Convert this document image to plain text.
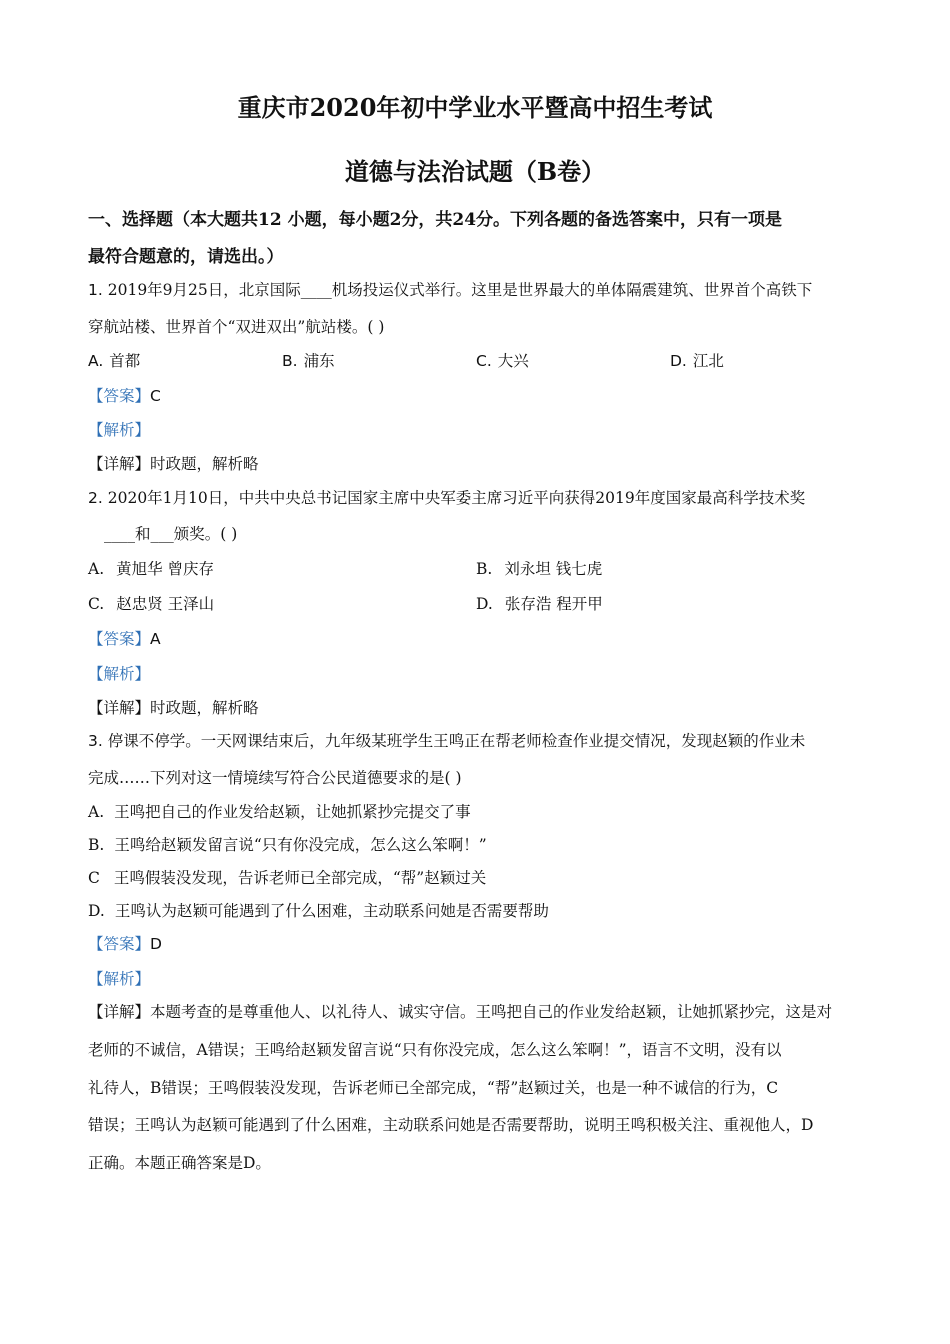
重庆市2020年初中学业水平暨高中招生考试
道德与法治试题（B卷）
一、选择题（本大题共12 小题，每小题2分，共24分。下列各题的备选答案中，只有一项是
最符合题意的，请选出。）
1. 2019年9月25日，北京国际____机场投运仪式举行。这里是世界最大的单体隔震建筑、世界首个高铁下
穿航站楼、世界首个“双进双出”航站楼。( )
A. 首都	B. 浦东	C. 大兴	D. 江北
【答案】C
【解析】
【详解】时政题，解析略
2. 2020年1月10日，中共中央总书记国家主席中央军委主席习近平向获得2019年度国家最高科学技术奖
____和___颁奖。( )
A. 黄旭华 曾庆存	B. 刘永坦 钱七虎
C. 赵忠贤 王泽山	D. 张存浩 程开甲
【答案】A
【解析】
【详解】时政题，解析略
3. 停课不停学。一天网课结束后，九年级某班学生王鸣正在帮老师检查作业提交情况，发现赵颖的作业未
完成……下列对这一情境续写符合公民道德要求的是( )
A. 王鸣把自己的作业发给赵颖，让她抓紧抄完提交了事
B. 王鸣给赵颖发留言说“只有你没完成，怎么这么笨啊！”
C 王鸣假装没发现，告诉老师已全部完成，“帮”赵颖过关
D. 王鸣认为赵颖可能遇到了什么困难，主动联系问她是否需要帮助
【答案】D
【解析】
【详解】本题考查的是尊重他人、以礼待人、诚实守信。王鸣把自己的作业发给赵颖，让她抓紧抄完，这是对
老师的不诚信，A错误；王鸣给赵颖发留言说“只有你没完成，怎么这么笨啊！”，语言不文明，没有以
礼待人，B错误；王鸣假装没发现，告诉老师已全部完成，“帮”赵颖过关，也是一种不诚信的行为，C
错误；王鸣认为赵颖可能遇到了什么困难，主动联系问她是否需要帮助，说明王鸣积极关注、重视他人，D
正确。本题正确答案是D。
